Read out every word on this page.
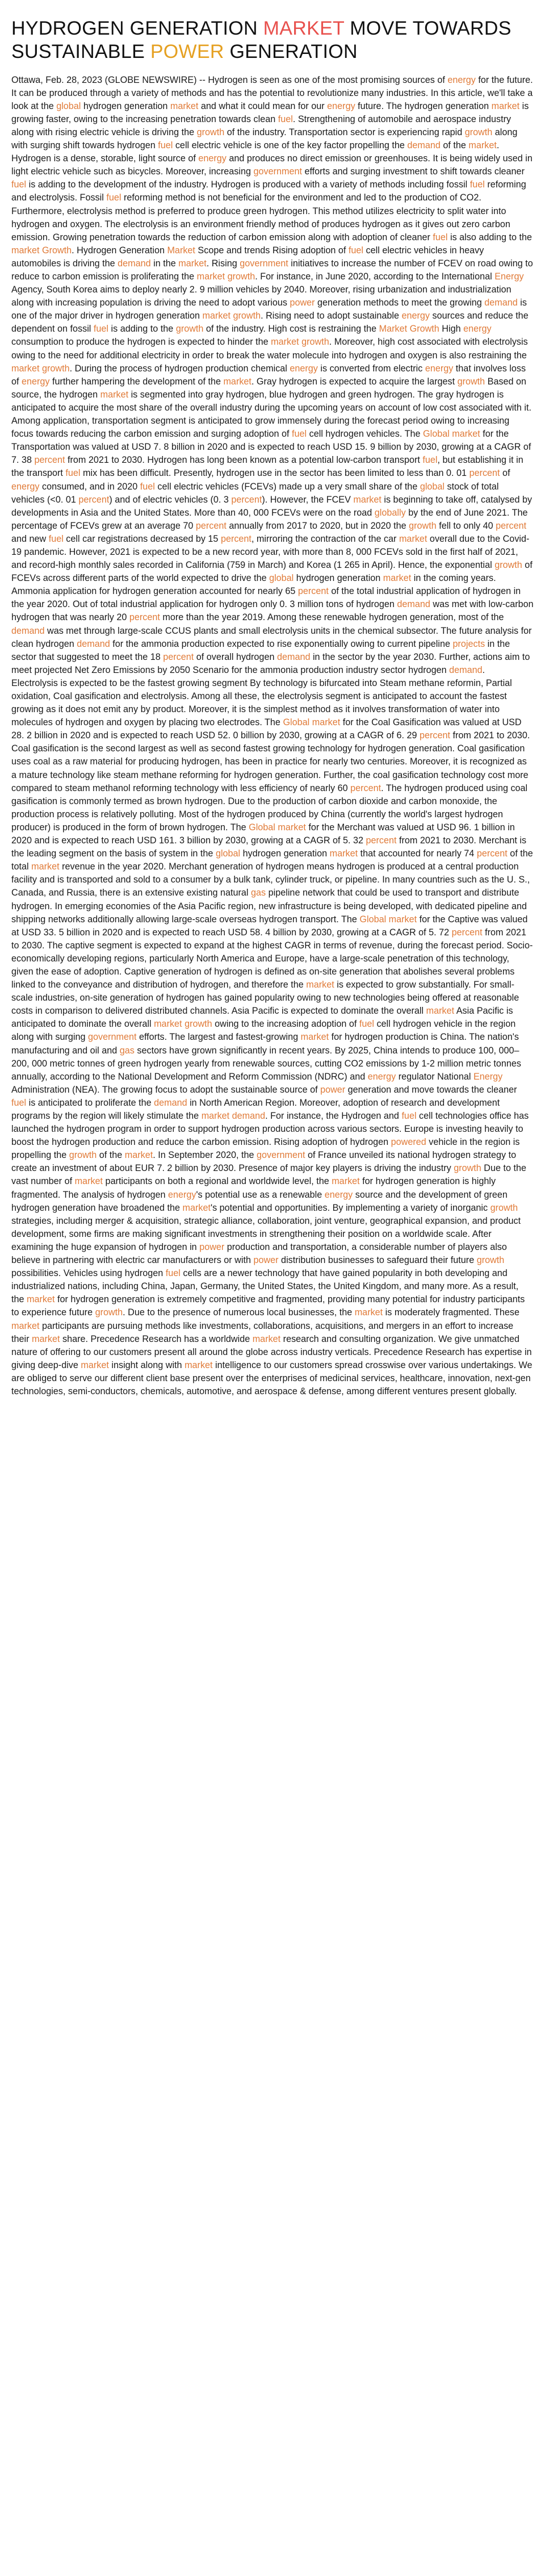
HYDROGEN GENERATION MARKET MOVE TOWARDS SUSTAINABLE POWER GENERATION

Ottawa, Feb. 28, 2023 (GLOBE NEWSWIRE) -- Hydrogen is seen as one of the most promising sources of energy for the future. It can be produced through a variety of methods and has the potential to revolutionize many industries. In this article, we'll take a look at the global hydrogen generation market and what it could mean for our energy future. The hydrogen generation market is growing faster, owing to the increasing penetration towards clean fuel. Strengthening of automobile and aerospace industry along with rising electric vehicle is driving the growth of the industry. Transportation sector is experiencing rapid growth along with surging shift towards hydrogen fuel cell electric vehicle is one of the key factor propelling the demand of the market. Hydrogen is a dense, storable, light source of energy and produces no direct emission or greenhouses. It is being widely used in light electric vehicle such as bicycles. Moreover, increasing government efforts and surging investment to shift towards cleaner fuel is adding to the development of the industry. Hydrogen is produced with a variety of methods including fossil fuel reforming and electrolysis. Fossil fuel reforming method is not beneficial for the environment and led to the production of CO2. Furthermore, electrolysis method is preferred to produce green hydrogen. This method utilizes electricity to split water into hydrogen and oxygen. The electrolysis is an environment friendly method of produces hydrogen as it gives out zero carbon emission. Growing penetration towards the reduction of carbon emission along with adoption of cleaner fuel is also adding to the market Growth. Hydrogen Generation Market Scope and trends Rising adoption of fuel cell electric vehicles in heavy automobiles is driving the demand in the market. Rising government initiatives to increase the number of FCEV on road owing to reduce to carbon emission is proliferating the market growth. For instance, in June 2020, according to the International Energy Agency, South Korea aims to deploy nearly 2. 9 million vehicles by 2040. Moreover, rising urbanization and industrialization along with increasing population is driving the need to adopt various power generation methods to meet the growing demand is one of the major driver in hydrogen generation market growth. Rising need to adopt sustainable energy sources and reduce the dependent on fossil fuel is adding to the growth of the industry. High cost is restraining the Market Growth High energy consumption to produce the hydrogen is expected to hinder the market growth. Moreover, high cost associated with electrolysis owing to the need for additional electricity in order to break the water molecule into hydrogen and oxygen is also restraining the market growth. During the process of hydrogen production chemical energy is converted from electric energy that involves loss of energy further hampering the development of the market. Gray hydrogen is expected to acquire the largest growth Based on source, the hydrogen market is segmented into gray hydrogen, blue hydrogen and green hydrogen. The gray hydrogen is anticipated to acquire the most share of the overall industry during the upcoming years on account of low cost associated with it. Among application, transportation segment is anticipated to grow immensely during the forecast period owing to increasing focus towards reducing the carbon emission and surging adoption of fuel cell hydrogen vehicles. The Global market for the Transportation was valued at USD 7. 8 billion in 2020 and is expected to reach USD 15. 9 billion by 2030, growing at a CAGR of 7. 38 percent from 2021 to 2030. Hydrogen has long been known as a potential low-carbon transport fuel, but establishing it in the transport fuel mix has been difficult. Presently, hydrogen use in the sector has been limited to less than 0. 01 percent of energy consumed, and in 2020 fuel cell electric vehicles (FCEVs) made up a very small share of the global stock of total vehicles (<0. 01 percent) and of electric vehicles (0. 3 percent). However, the FCEV market is beginning to take off, catalysed by developments in Asia and the United States. More than 40, 000 FCEVs were on the road globally by the end of June 2021. The percentage of FCEVs grew at an average 70 percent annually from 2017 to 2020, but in 2020 the growth fell to only 40 percent and new fuel cell car registrations decreased by 15 percent, mirroring the contraction of the car market overall due to the Covid-19 pandemic. However, 2021 is expected to be a new record year, with more than 8, 000 FCEVs sold in the first half of 2021, and record-high monthly sales recorded in California (759 in March) and Korea (1 265 in April). Hence, the exponential growth of FCEVs across different parts of the world expected to drive the global hydrogen generation market in the coming years. Ammonia application for hydrogen generation accounted for nearly 65 percent of the total industrial application of hydrogen in the year 2020. Out of total industrial application for hydrogen only 0. 3 million tons of hydrogen demand was met with low-carbon hydrogen that was nearly 20 percent more than the year 2019. Among these renewable hydrogen generation, most of the demand was met through large-scale CCUS plants and small electrolysis units in the chemical subsector. The future analysis for clean hydrogen demand for the ammonia production expected to rise exponentially owing to current pipeline projects in the sector that suggested to meet the 18 percent of overall hydrogen demand in the sector by the year 2030. Further, actions aim to meet projected Net Zero Emissions by 2050 Scenario for the ammonia production industry sector hydrogen demand. Electrolysis is expected to be the fastest growing segment By technology is bifurcated into Steam methane reformin, Partial oxidation, Coal gasification and electrolysis. Among all these, the electrolysis segment is anticipated to account the fastest growing as it does not emit any by product. Moreover, it is the simplest method as it involves transformation of water into molecules of hydrogen and oxygen by placing two electrodes. The Global market for the Coal Gasification was valued at USD 28. 2 billion in 2020 and is expected to reach USD 52. 0 billion by 2030, growing at a CAGR of 6. 29 percent from 2021 to 2030. Coal gasification is the second largest as well as second fastest growing technology for hydrogen generation. Coal gasification uses coal as a raw material for producing hydrogen, has been in practice for nearly two centuries. Moreover, it is recognized as a mature technology like steam methane reforming for hydrogen generation. Further, the coal gasification technology cost more compared to steam methanol reforming technology with less efficiency of nearly 60 percent. The hydrogen produced using coal gasification is commonly termed as brown hydrogen. Due to the production of carbon dioxide and carbon monoxide, the production process is relatively polluting. Most of the hydrogen produced by China (currently the world's largest hydrogen producer) is produced in the form of brown hydrogen. The Global market for the Merchant was valued at USD 96. 1 billion in 2020 and is expected to reach USD 161. 3 billion by 2030, growing at a CAGR of 5. 32 percent from 2021 to 2030. Merchant is the leading segment on the basis of system in the global hydrogen generation market that accounted for nearly 74 percent of the total market revenue in the year 2020. Merchant generation of hydrogen means hydrogen is produced at a central production facility and is transported and sold to a consumer by a bulk tank, cylinder truck, or pipeline. In many countries such as the U. S., Canada, and Russia, there is an extensive existing natural gas pipeline network that could be used to transport and distribute hydrogen. In emerging economies of the Asia Pacific region, new infrastructure is being developed, with dedicated pipeline and shipping networks additionally allowing large-scale overseas hydrogen transport. The Global market for the Captive was valued at USD 33. 5 billion in 2020 and is expected to reach USD 58. 4 billion by 2030, growing at a CAGR of 5. 72 percent from 2021 to 2030. The captive segment is expected to expand at the highest CAGR in terms of revenue, during the forecast period. Socio-economically developing regions, particularly North America and Europe, have a large-scale penetration of this technology, given the ease of adoption. Captive generation of hydrogen is defined as on-site generation that abolishes several problems linked to the conveyance and distribution of hydrogen, and therefore the market is expected to grow substantially. For small-scale industries, on-site generation of hydrogen has gained popularity owing to new technologies being offered at reasonable costs in comparison to delivered distributed channels. Asia Pacific is expected to dominate the overall market Asia Pacific is anticipated to dominate the overall market growth owing to the increasing adoption of fuel cell hydrogen vehicle in the region along with surging government efforts. The largest and fastest-growing market for hydrogen production is China. The nation's manufacturing and oil and gas sectors have grown significantly in recent years. By 2025, China intends to produce 100, 000–200, 000 metric tonnes of green hydrogen yearly from renewable sources, cutting CO2 emissions by 1-2 million metric tonnes annually, according to the National Development and Reform Commission (NDRC) and energy regulator National Energy Administration (NEA). The growing focus to adopt the sustainable source of power generation and move towards the cleaner fuel is anticipated to proliferate the demand in North American Region. Moreover, adoption of research and development programs by the region will likely stimulate the market demand. For instance, the Hydrogen and fuel cell technologies office has launched the hydrogen program in order to support hydrogen production across various sectors. Europe is investing heavily to boost the hydrogen production and reduce the carbon emission. Rising adoption of hydrogen powered vehicle in the region is propelling the growth of the market. In September 2020, the government of France unveiled its national hydrogen strategy to create an investment of about EUR 7. 2 billion by 2030. Presence of major key players is driving the industry growth Due to the vast number of market participants on both a regional and worldwide level, the market for hydrogen generation is highly fragmented. The analysis of hydrogen energy's potential use as a renewable energy source and the development of green hydrogen generation have broadened the market's potential and opportunities. By implementing a variety of inorganic growth strategies, including merger & acquisition, strategic alliance, collaboration, joint venture, geographical expansion, and product development, some firms are making significant investments in strengthening their position on a worldwide scale. After examining the huge expansion of hydrogen in power production and transportation, a considerable number of players also believe in partnering with electric car manufacturers or with power distribution businesses to safeguard their future growth possibilities. Vehicles using hydrogen fuel cells are a newer technology that have gained popularity in both developing and industrialized nations, including China, Japan, Germany, the United States, the United Kingdom, and many more. As a result, the market for hydrogen generation is extremely competitive and fragmented, providing many potential for industry participants to experience future growth. Due to the presence of numerous local businesses, the market is moderately fragmented. These market participants are pursuing methods like investments, collaborations, acquisitions, and mergers in an effort to increase their market share. Precedence Research has a worldwide market research and consulting organization. We give unmatched nature of offering to our customers present all around the globe across industry verticals. Precedence Research has expertise in giving deep-dive market insight along with market intelligence to our customers spread crosswise over various undertakings. We are obliged to serve our different client base present over the enterprises of medicinal services, healthcare, innovation, next-gen technologies, semi-conductors, chemicals, automotive, and aerospace & defense, among different ventures present globally.
